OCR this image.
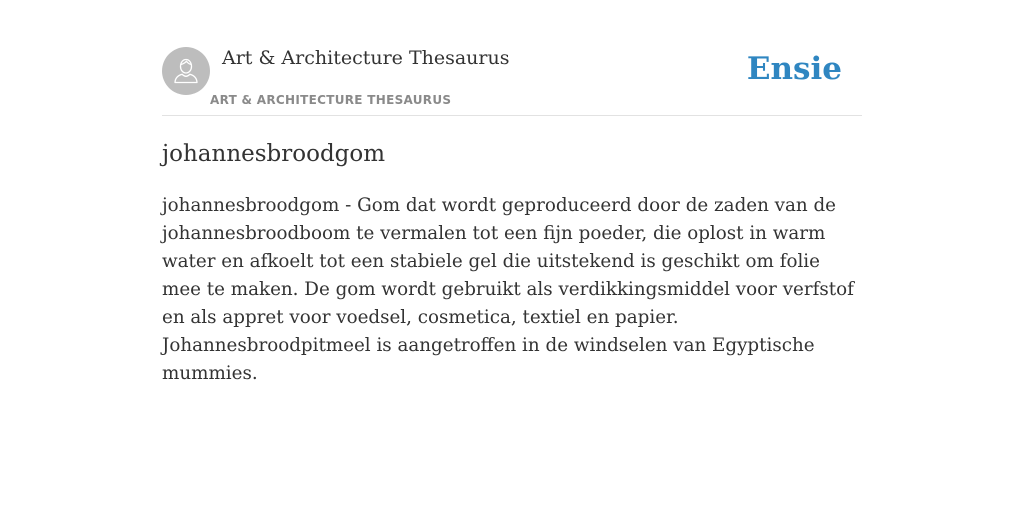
Art & Architecture Thesaurus
ART & ARCHITECTURE THESAURUS
Ensie
johannesbroodgom

johannesbroodgom - Gom dat wordt geproduceerd door de zaden van de johannesbroodboom te vermalen tot een fijn poeder, die oplost in warm water en afkoelt tot een stabiele gel die uitstekend is geschikt om folie mee te maken. De gom wordt gebruikt als verdikkingsmiddel voor verfstof en als appret voor voedsel, cosmetica, textiel en papier. Johannesbroodpitmeel is aangetroffen in de windselen van Egyptische mummies.
